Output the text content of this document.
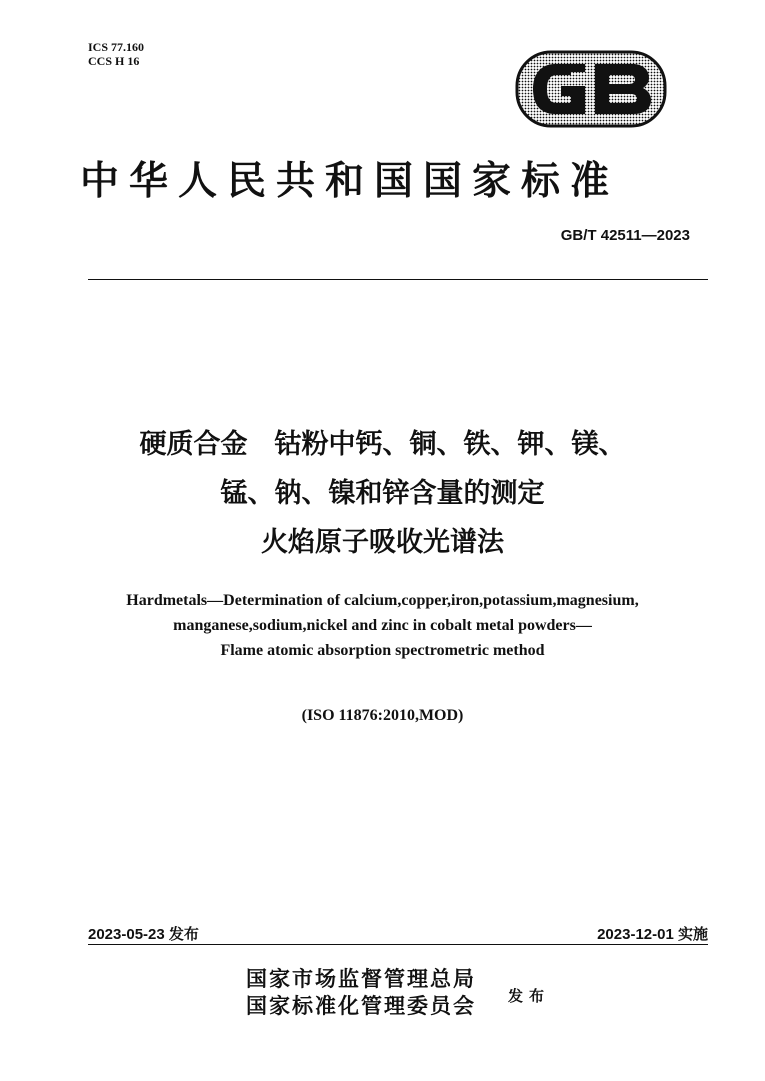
ICS 77.160
CCS H 16
中华人民共和国国家标准
GB/T 42511—2023
硬质合金　钴粉中钙、铜、铁、钾、镁、
锰、钠、镍和锌含量的测定
火焰原子吸收光谱法
Hardmetals—Determination of calcium,copper,iron,potassium,magnesium,
manganese,sodium,nickel and zinc in cobalt metal powders—
Flame atomic absorption spectrometric method
(ISO 11876:2010,MOD)
2023-05-23 发布	2023-12-01 实施
国家市场监督管理总局
国家标准化管理委员会 发布
